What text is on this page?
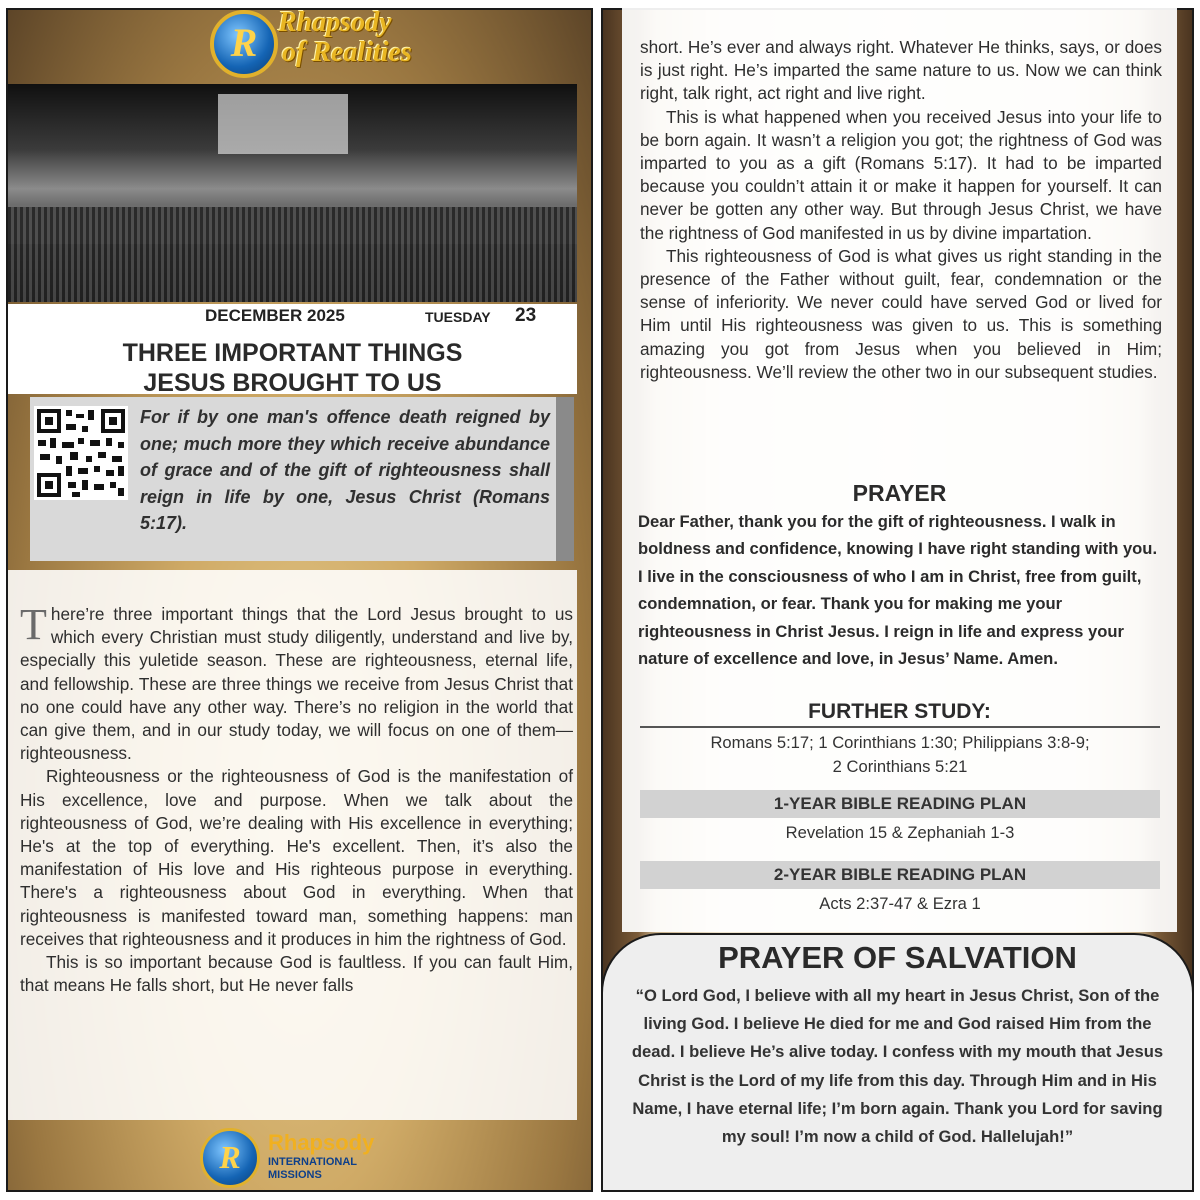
R Rhapsody
of Realities
DECEMBER 2025	TUESDAY 23
THREE IMPORTANT THINGS
JESUS BROUGHT TO US
For if by one man's offence death reigned by one; much more they which receive abundance of grace and of the gift of righteousness shall reign in life by one, Jesus Christ (Romans 5:17).

There’re three important things that the Lord Jesus brought to us which every Christian must study diligently, understand and live by, especially this yuletide season. These are righteousness, eternal life, and fellowship. These are three things we receive from Jesus Christ that no one could have any other way. There’s no religion in the world that can give them, and in our study today, we will focus on one of them— righteousness.

Righteousness or the righteousness of God is the manifestation of His excellence, love and purpose. When we talk about the righteousness of God, we’re dealing with His excellence in everything; He's at the top of everything. He's excellent. Then, it’s also the manifestation of His love and His righteous purpose in everything. There's a righteousness about God in everything. When that righteousness is manifested toward man, something happens: man receives that righteousness and it produces in him the rightness of God.

This is so important because God is faultless. If you can fault Him, that means He falls short, but He never falls

R	Rhapsody
INTERNATIONAL
MISSIONS

short. He’s ever and always right. Whatever He thinks, says, or does is just right. He’s imparted the same nature to us. Now we can think right, talk right, act right and live right.

This is what happened when you received Jesus into your life to be born again. It wasn’t a religion you got; the rightness of God was imparted to you as a gift (Romans 5:17). It had to be imparted because you couldn’t attain it or make it happen for yourself. It can never be gotten any other way. But through Jesus Christ, we have the rightness of God manifested in us by divine impartation.

This righteousness of God is what gives us right standing in the presence of the Father without guilt, fear, condemnation or the sense of inferiority. We never could have served God or lived for Him until His righteousness was given to us. This is something amazing you got from Jesus when you believed in Him; righteousness. We’ll review the other two in our subsequent studies.

PRAYER
Dear Father, thank you for the gift of righteousness. I walk in boldness and confidence, knowing I have right standing with you. I live in the consciousness of who I am in Christ, free from guilt, condemnation, or fear. Thank you for making me your righteousness in Christ Jesus. I reign in life and express your nature of excellence and love, in Jesus’ Name. Amen.
FURTHER STUDY:
Romans 5:17; 1 Corinthians 1:30; Philippians 3:8-9;
2 Corinthians 5:21
1-YEAR BIBLE READING PLAN
Revelation 15 & Zephaniah 1-3
2-YEAR BIBLE READING PLAN
Acts 2:37-47 & Ezra 1
PRAYER OF SALVATION
“O Lord God, I believe with all my heart in Jesus Christ, Son of the living God. I believe He died for me and God raised Him from the dead. I believe He’s alive today. I confess with my mouth that Jesus Christ is the Lord of my life from this day. Through Him and in His Name, I have eternal life; I’m born again. Thank you Lord for saving my soul! I’m now a child of God. Hallelujah!”
